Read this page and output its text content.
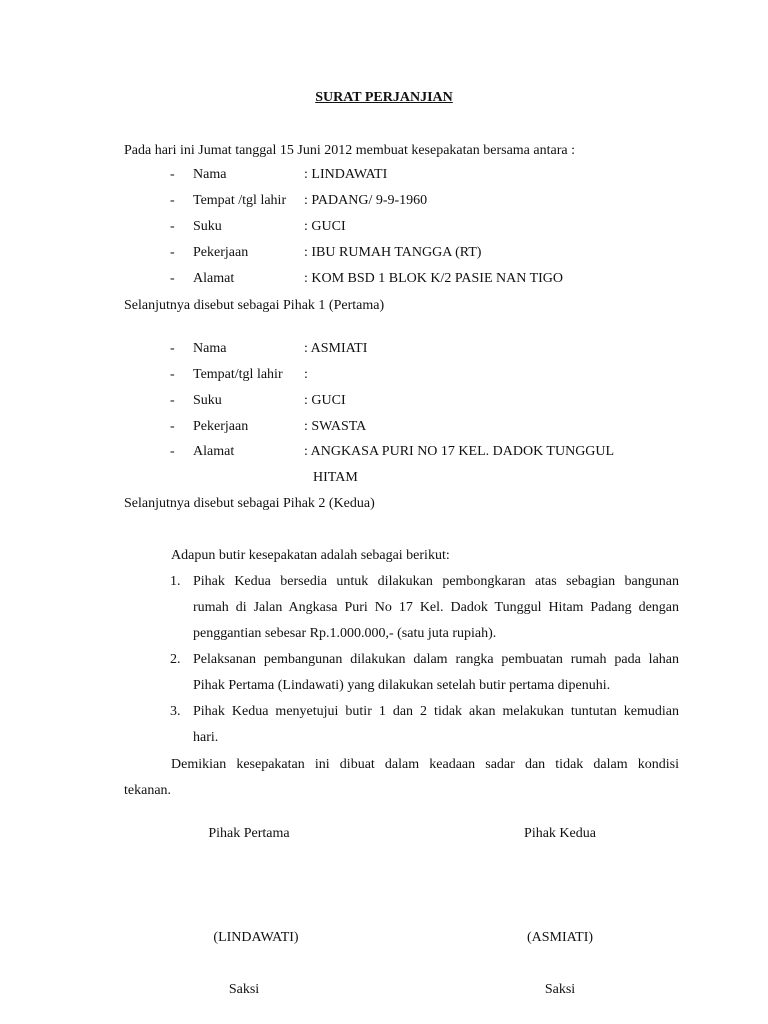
SURAT PERJANJIAN
Pada hari ini Jumat tanggal 15 Juni 2012 membuat kesepakatan bersama antara :
- Nama	: LINDAWATI
- Tempat /tgl lahir : PADANG/ 9-9-1960
- Suku	: GUCI
- Pekerjaan	: IBU RUMAH TANGGA (RT)
- Alamat	: KOM BSD 1 BLOK K/2 PASIE NAN TIGO
Selanjutnya disebut sebagai Pihak 1 (Pertama)
- Nama	: ASMIATI
- Tempat/tgl lahir :
- Suku	: GUCI
- Pekerjaan	: SWASTA
- Alamat	: ANGKASA PURI NO 17 KEL. DADOK TUNGGUL
HITAM
Selanjutnya disebut sebagai Pihak 2 (Kedua)
Adapun butir kesepakatan adalah sebagai berikut:
1. Pihak Kedua bersedia untuk dilakukan pembongkaran atas sebagian bangunan
rumah di Jalan Angkasa Puri No 17 Kel. Dadok Tunggul Hitam Padang dengan
penggantian sebesar Rp.1.000.000,- (satu juta rupiah).
2. Pelaksanan pembangunan dilakukan dalam rangka pembuatan rumah pada lahan
Pihak Pertama (Lindawati) yang dilakukan setelah butir pertama dipenuhi.
3. Pihak Kedua menyetujui butir 1 dan 2 tidak akan melakukan tuntutan kemudian
hari.
Demikian kesepakatan ini dibuat dalam keadaan sadar dan tidak dalam kondisi
tekanan.
Pihak Pertama	Pihak Kedua
(LINDAWATI)	(ASMIATI)
Saksi	Saksi
